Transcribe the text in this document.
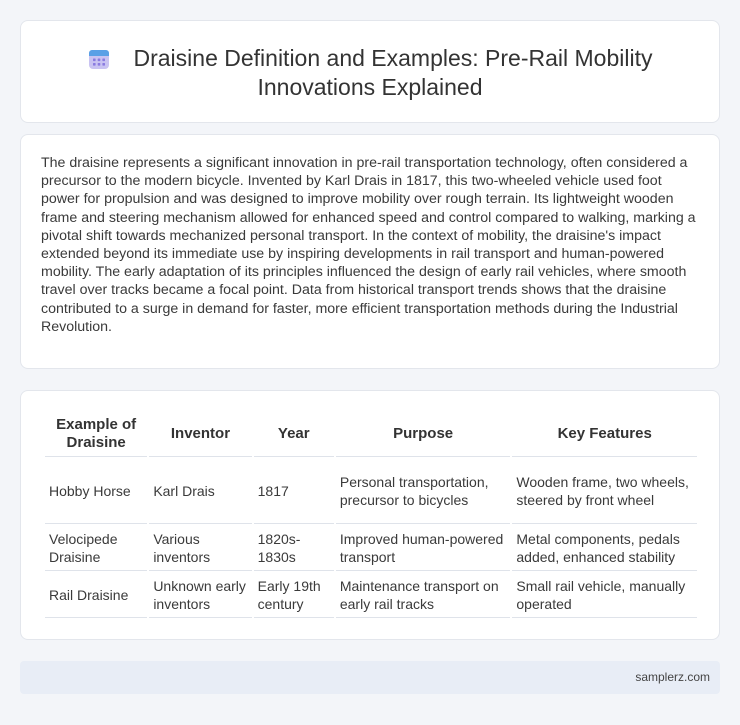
Draisine Definition and Examples: Pre-Rail Mobility Innovations Explained

The draisine represents a significant innovation in pre-rail transportation technology, often considered a precursor to the modern bicycle. Invented by Karl Drais in 1817, this two-wheeled vehicle used foot power for propulsion and was designed to improve mobility over rough terrain. Its lightweight wooden frame and steering mechanism allowed for enhanced speed and control compared to walking, marking a pivotal shift towards mechanized personal transport. In the context of mobility, the draisine's impact extended beyond its immediate use by inspiring developments in rail transport and human-powered mobility. The early adaptation of its principles influenced the design of early rail vehicles, where smooth travel over tracks became a focal point. Data from historical transport trends shows that the draisine contributed to a surge in demand for faster, more efficient transportation methods during the Industrial Revolution.

Example of Draisine	Inventor	Year	Purpose	Key Features
Hobby Horse	Karl Drais	1817	Personal transportation, precursor to bicycles	Wooden frame, two wheels, steered by front wheel
Velocipede Draisine	Various inventors	1820s-1830s	Improved human-powered transport	Metal components, pedals added, enhanced stability
Rail Draisine	Unknown early inventors	Early 19th century	Maintenance transport on early rail tracks	Small rail vehicle, manually operated
samplerz.com
